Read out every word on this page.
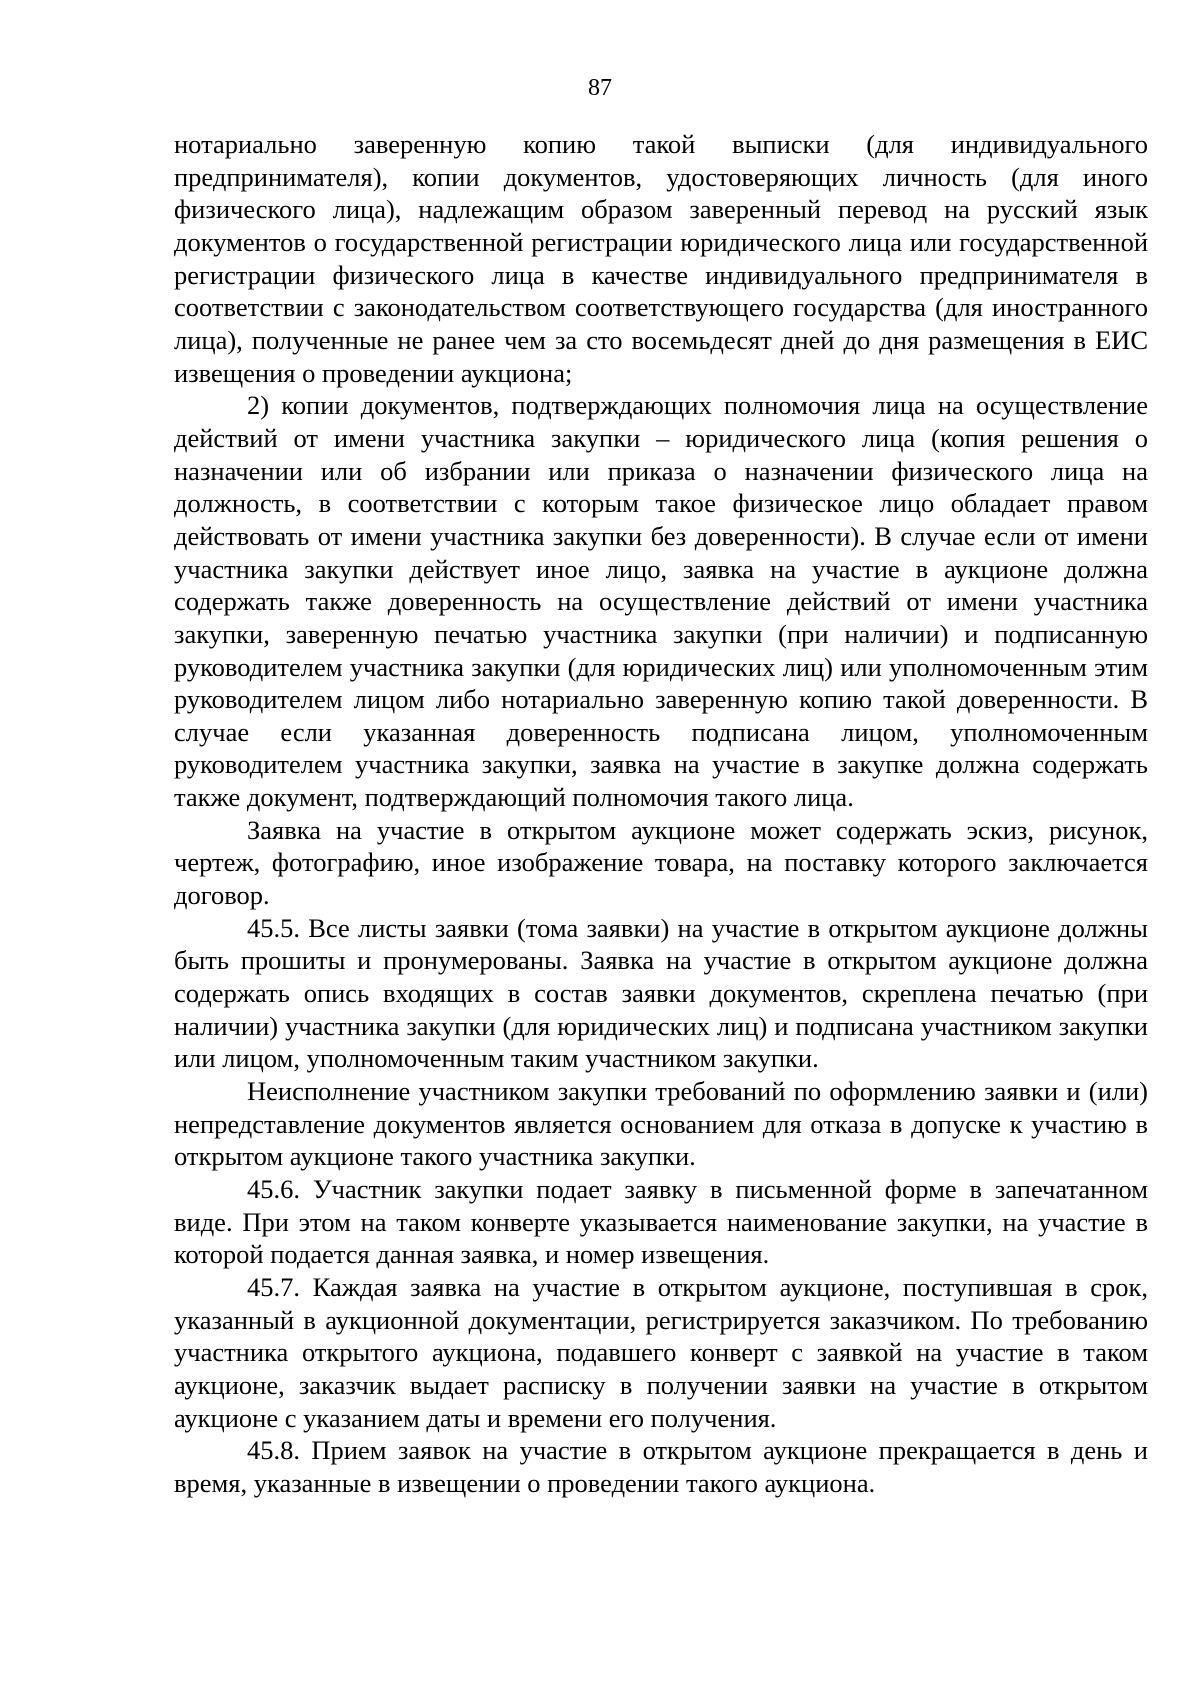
87

нотариально заверенную копию такой выписки (для индивидуального предпринимателя), копии документов, удостоверяющих личность (для иного физического лица), надлежащим образом заверенный перевод на русский язык документов о государственной регистрации юридического лица или государственной регистрации физического лица в качестве индивидуального предпринимателя в соответствии с законодательством соответствующего государства (для иностранного лица), полученные не ранее чем за сто восемьдесят дней до дня размещения в ЕИС извещения о проведении аукциона;

2) копии документов, подтверждающих полномочия лица на осуществление действий от имени участника закупки – юридического лица (копия решения о назначении или об избрании или приказа о назначении физического лица на должность, в соответствии с которым такое физическое лицо обладает правом действовать от имени участника закупки без доверенности). В случае если от имени участника закупки действует иное лицо, заявка на участие в аукционе должна содержать также доверенность на осуществление действий от имени участника закупки, заверенную печатью участника закупки (при наличии) и подписанную руководителем участника закупки (для юридических лиц) или уполномоченным этим руководителем лицом либо нотариально заверенную копию такой доверенности. В случае если указанная доверенность подписана лицом, уполномоченным руководителем участника закупки, заявка на участие в закупке должна содержать также документ, подтверждающий полномочия такого лица.

Заявка на участие в открытом аукционе может содержать эскиз, рисунок, чертеж, фотографию, иное изображение товара, на поставку которого заключается договор.

45.5. Все листы заявки (тома заявки) на участие в открытом аукционе должны быть прошиты и пронумерованы. Заявка на участие в открытом аукционе должна содержать опись входящих в состав заявки документов, скреплена печатью (при наличии) участника закупки (для юридических лиц) и подписана участником закупки или лицом, уполномоченным таким участником закупки.

Неисполнение участником закупки требований по оформлению заявки и (или) непредставление документов является основанием для отказа в допуске к участию в открытом аукционе такого участника закупки.

45.6. Участник закупки подает заявку в письменной форме в запечатанном виде. При этом на таком конверте указывается наименование закупки, на участие в которой подается данная заявка, и номер извещения.

45.7. Каждая заявка на участие в открытом аукционе, поступившая в срок, указанный в аукционной документации, регистрируется заказчиком. По требованию участника открытого аукциона, подавшего конверт с заявкой на участие в таком аукционе, заказчик выдает расписку в получении заявки на участие в открытом аукционе с указанием даты и времени его получения.

45.8. Прием заявок на участие в открытом аукционе прекращается в день и время, указанные в извещении о проведении такого аукциона.
